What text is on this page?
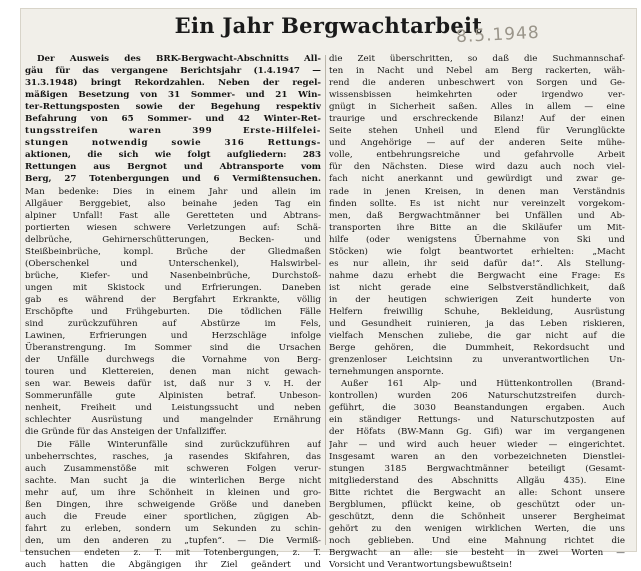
Ein Jahr Bergwachtarbeit
8.5.1948
Der Ausweis des BRK-Bergwacht-Abschnitts All-
gäu für das vergangene Berichtsjahr (1.4.1947 —
31.3.1948) bringt Rekordzahlen. Neben der regel-
mäßigen Besetzung von 31 Sommer- und 21 Win-
ter-Rettungsposten sowie der Begehung respektiv
Befahrung von 65 Sommer- und 42 Winter-Ret-
tungsstreifen waren 399 Erste-Hilfelei-
stungen notwendig sowie 316 Rettungs-
aktionen, die sich wie folgt aufgliedern: 283
Rettungen aus Bergnot und Abtransporte vom
Berg, 27 Totenbergungen und 6 Vermißtensuchen.
Man bedenke: Dies in einem Jahr und allein im
Allgäuer Berggebiet, also beinahe jeden Tag ein
alpiner Unfall! Fast alle Geretteten und Abtrans-
portierten wiesen schwere Verletzungen auf: Schä-
delbrüche, Gehirnerschütterungen, Becken- und
Steißbeinbrüche, kompl. Brüche der Gliedmaßen
(Oberschenkel und Unterschenkel), Halswirbel-
brüche, Kiefer- und Nasenbeinbrüche, Durchstoß-
ungen mit Skistock und Erfrierungen. Daneben
gab es während der Bergfahrt Erkrankte, völlig
Erschöpfte und Frühgeburten. Die tödlichen Fälle
sind zurückzuführen auf Abstürze im Fels,
Lawinen, Erfrierungen und Herzschläge infolge
Überanstrengung. Im Sommer sind die Ursachen
der Unfälle durchwegs die Vornahme von Berg-
touren und Klettereien, denen man nicht gewach-
sen war. Beweis dafür ist, daß nur 3 v. H. der
Sommerunfälle gute Alpinisten betraf. Unbeson-
nenheit, Freiheit und Leistungssucht und neben
schlechter Ausrüstung und mangelnder Ernährung
die Gründe für das Ansteigen der Unfallziffer.
Die Fälle Winterunfälle sind zurückzuführen auf
unbeherrschtes, rasches, ja rasendes Skifahren, das
auch Zusammenstöße mit schweren Folgen verur-
sachte. Man sucht ja die winterlichen Berge nicht
mehr auf, um ihre Schönheit in kleinen und gro-
ßen Dingen, ihre schweigende Größe und daneben
auch die Freude einer sportlichen, zügigen Ab-
fahrt zu erleben, sondern um Sekunden zu schin-
den, um den anderen zu „tupfen“. — Die Vermiß-
tensuchen endeten z. T. mit Totenbergungen, z. T.
auch hatten die Abgängigen ihr Ziel geändert und
die Zeit überschritten, so daß die Suchmannschaf-
ten in Nacht und Nebel am Berg rackerten, wäh-
rend die anderen unbeschwert von Sorgen und Ge-
wissensbissen heimkehrten oder irgendwo ver-
gnügt in Sicherheit saßen. Alles in allem — eine
traurige und erschreckende Bilanz! Auf der einen
Seite stehen Unheil und Elend für Verunglückte
und Angehörige — auf der anderen Seite mühe-
volle, entbehrungsreiche und gefahrvolle Arbeit
für den Nächsten. Diese wird dazu auch noch viel-
fach nicht anerkannt und gewürdigt und zwar ge-
rade in jenen Kreisen, in denen man Verständnis
finden sollte. Es ist nicht nur vereinzelt vorgekom-
men, daß Bergwachtmänner bei Unfällen und Ab-
transporten ihre Bitte an die Skiläufer um Mit-
hilfe (oder wenigstens Übernahme von Ski und
Stöcken) wie folgt beantwortet erhielten: „Macht
es nur allein, ihr seid dafür da!“. Als Stellung-
nahme dazu erhebt die Bergwacht eine Frage: Es
ist nicht gerade eine Selbstverständlichkeit, daß
in der heutigen schwierigen Zeit hunderte von
Helfern freiwillig Schuhe, Bekleidung, Ausrüstung
und Gesundheit ruinieren, ja das Leben riskieren,
vielfach Menschen zuliebe, die gar nicht auf die
Berge gehören, die Dummheit, Rekordsucht und
grenzenloser Leichtsinn zu unverantwortlichen Un-
ternehmungen anspornte.
Außer 161 Alp- und Hüttenkontrollen (Brand-
kontrollen) wurden 206 Naturschutzstreifen durch-
geführt, die 3030 Beanstandungen ergaben. Auch
ein ständiger Rettungs- und Naturschutzposten auf
der Höfats (BW-Mann Gg. Gifi) war im vergangenen
Jahr — und wird auch heuer wieder — eingerichtet.
Insgesamt waren an den vorbezeichneten Dienstlei-
stungen 3185 Bergwachtmänner beteiligt (Gesamt-
mitgliederstand des Abschnitts Allgäu 435). Eine
Bitte richtet die Bergwacht an alle: Schont unsere
Bergblumen, pflückt keine, ob geschützt oder un-
geschützt, denn die Schönheit unserer Bergheimat
gehört zu den wenigen wirklichen Werten, die uns
noch geblieben. Und eine Mahnung richtet die
Bergwacht an alle: sie besteht in zwei Worten —
Vorsicht und Verantwortungsbewußtsein!
